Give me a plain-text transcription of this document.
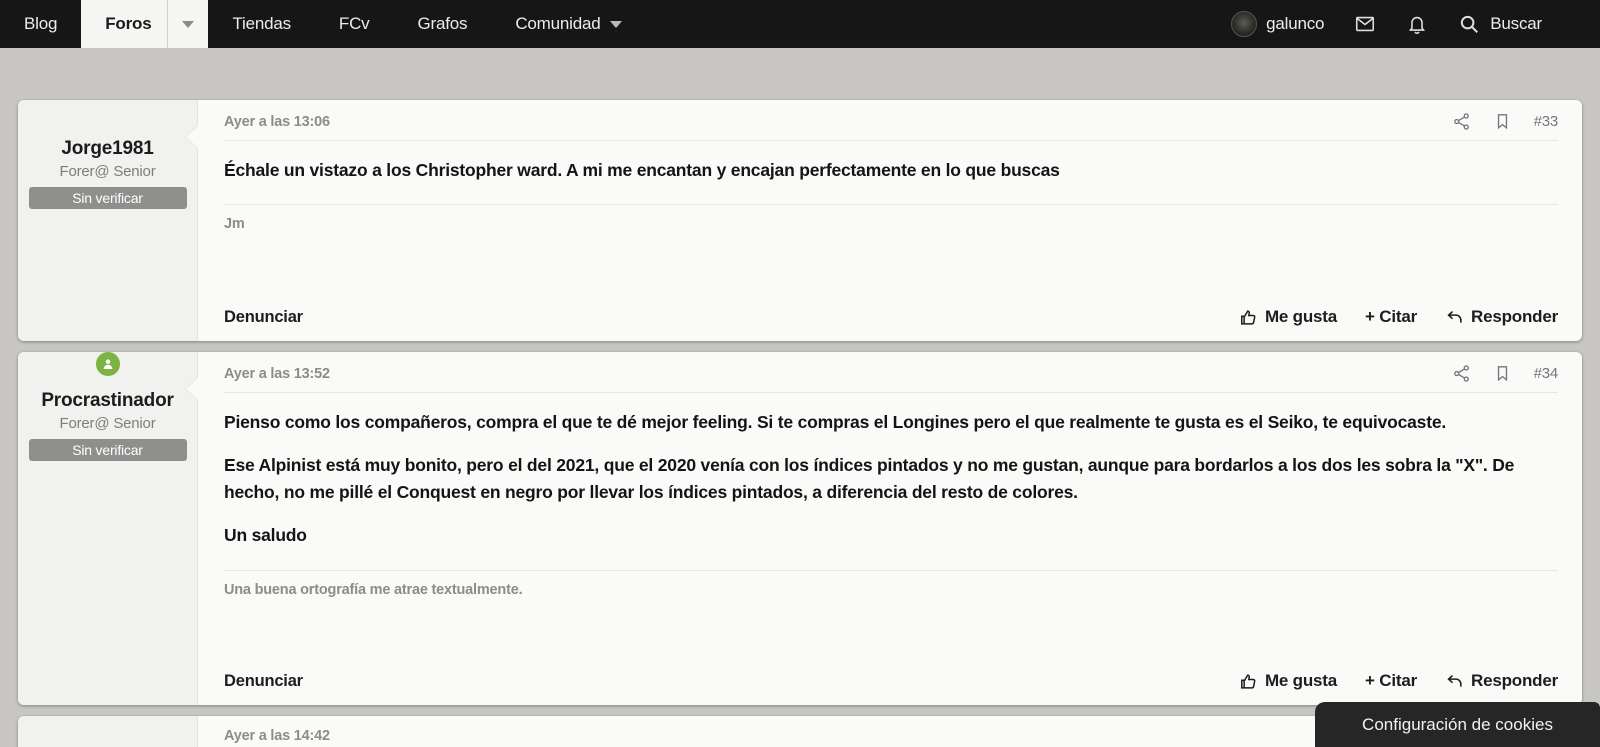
Blog	Foros	Tiendas	FCv	Grafos	Comunidad	galunco	Buscar
Jorge1981
Forer@ Senior
Sin verificar
Ayer a las 13:06	#33

Échale un vistazo a los Christopher ward. A mi me encantan y encajan perfectamente en lo que buscas

Jm
Denunciar	Me gusta + Citar	Responder
Procrastinador
Forer@ Senior
Sin verificar
Ayer a las 13:52	#34

Pienso como los compañeros, compra el que te dé mejor feeling. Si te compras el Longines pero el que realmente te gusta es el Seiko, te equivocaste.

Ese Alpinist está muy bonito, pero el del 2021, que el 2020 venía con los índices pintados y no me gustan, aunque para bordarlos a los dos les sobra la "X". De hecho, no me pillé el Conquest en negro por llevar los índices pintados, a diferencia del resto de colores.

Un saludo

Una buena ortografía me atrae textualmente.
Denunciar	Me gusta + Citar	Responder
Ayer a las 14:42
Configuración de cookies
